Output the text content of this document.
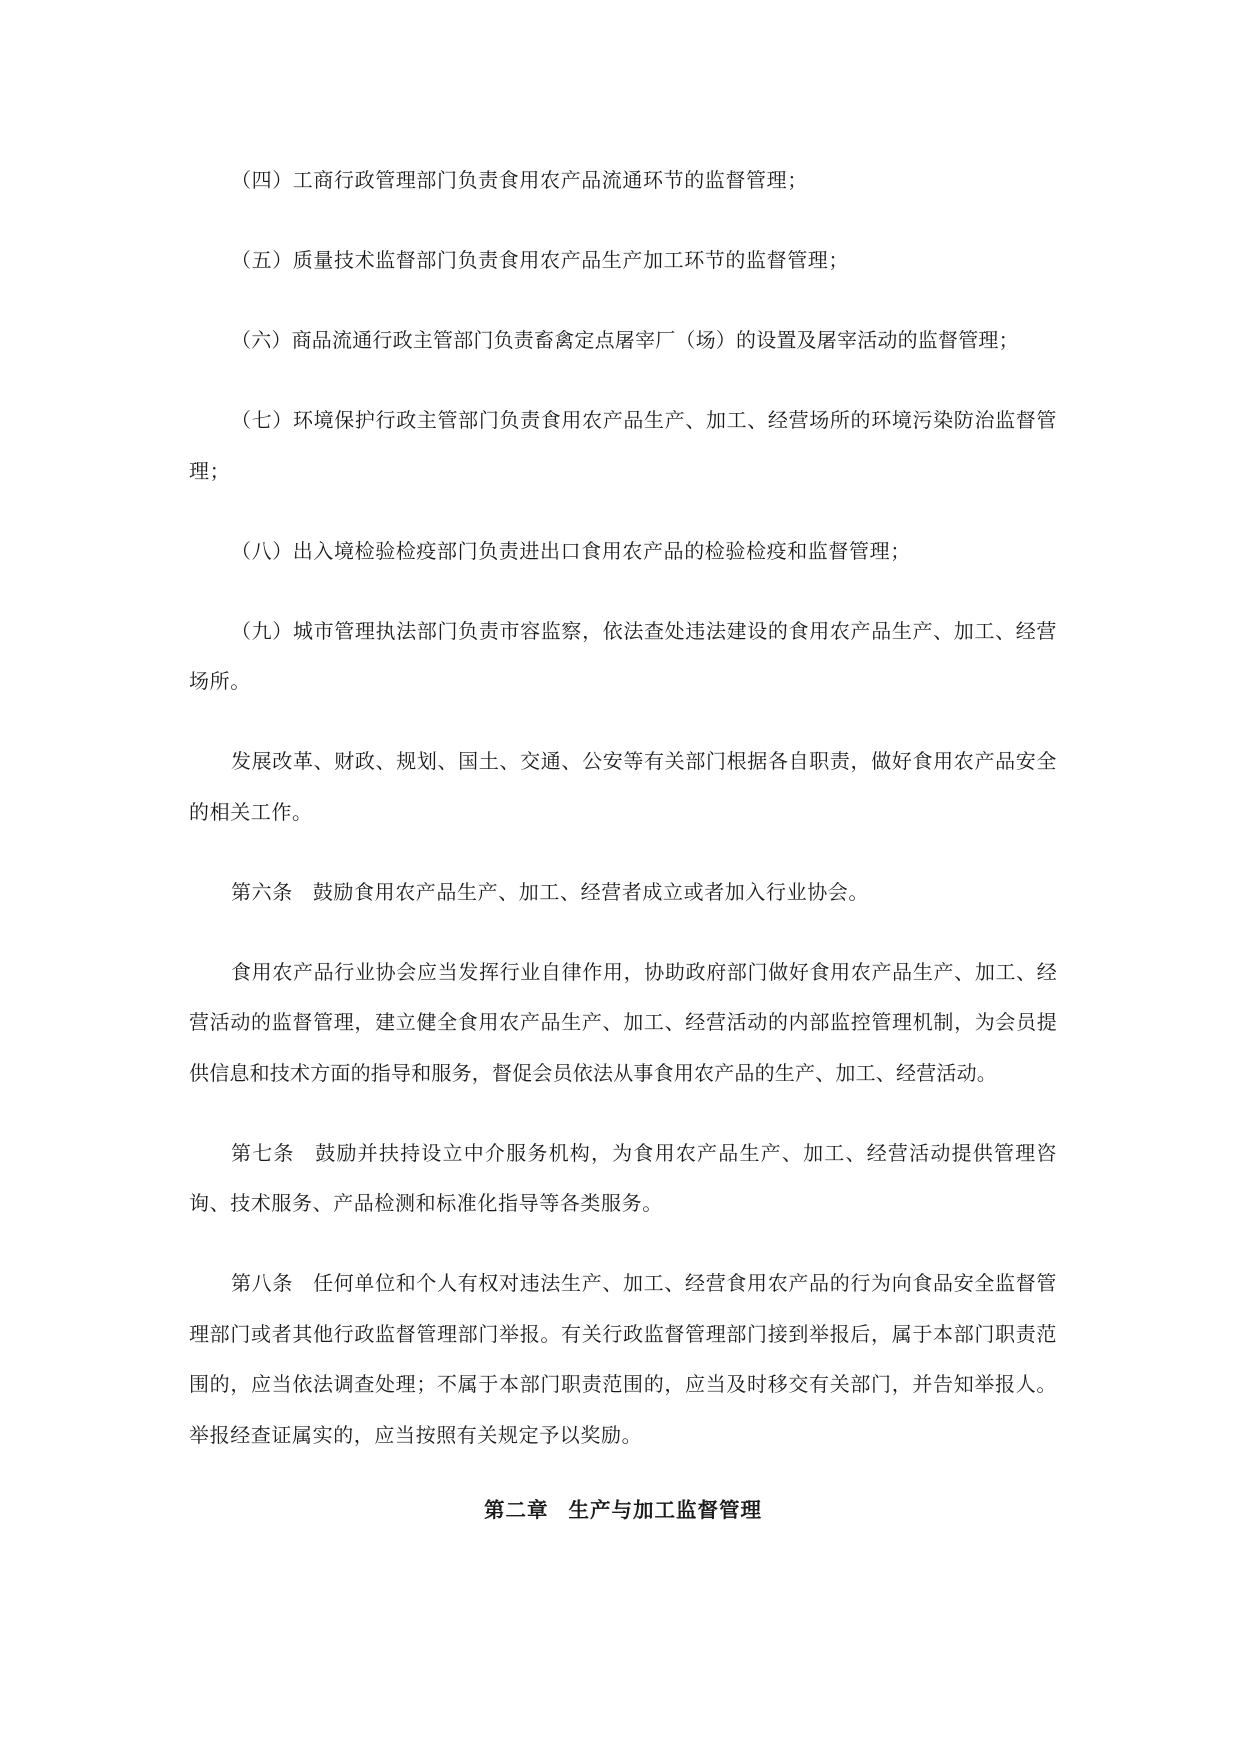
（四）工商行政管理部门负责食用农产品流通环节的监督管理；

（五）质量技术监督部门负责食用农产品生产加工环节的监督管理；

（六）商品流通行政主管部门负责畜禽定点屠宰厂（场）的设置及屠宰活动的监督管理；

（七）环境保护行政主管部门负责食用农产品生产、加工、经营场所的环境污染防治监督管理；

（八）出入境检验检疫部门负责进出口食用农产品的检验检疫和监督管理；

（九）城市管理执法部门负责市容监察，依法查处违法建设的食用农产品生产、加工、经营场所。

发展改革、财政、规划、国土、交通、公安等有关部门根据各自职责，做好食用农产品安全的相关工作。

第六条 鼓励食用农产品生产、加工、经营者成立或者加入行业协会。

食用农产品行业协会应当发挥行业自律作用，协助政府部门做好食用农产品生产、加工、经营活动的监督管理，建立健全食用农产品生产、加工、经营活动的内部监控管理机制，为会员提供信息和技术方面的指导和服务，督促会员依法从事食用农产品的生产、加工、经营活动。

第七条 鼓励并扶持设立中介服务机构，为食用农产品生产、加工、经营活动提供管理咨询、技术服务、产品检测和标准化指导等各类服务。

第八条 任何单位和个人有权对违法生产、加工、经营食用农产品的行为向食品安全监督管理部门或者其他行政监督管理部门举报。有关行政监督管理部门接到举报后，属于本部门职责范围的，应当依法调查处理；不属于本部门职责范围的，应当及时移交有关部门，并告知举报人。举报经查证属实的，应当按照有关规定予以奖励。

第二章 生产与加工监督管理
